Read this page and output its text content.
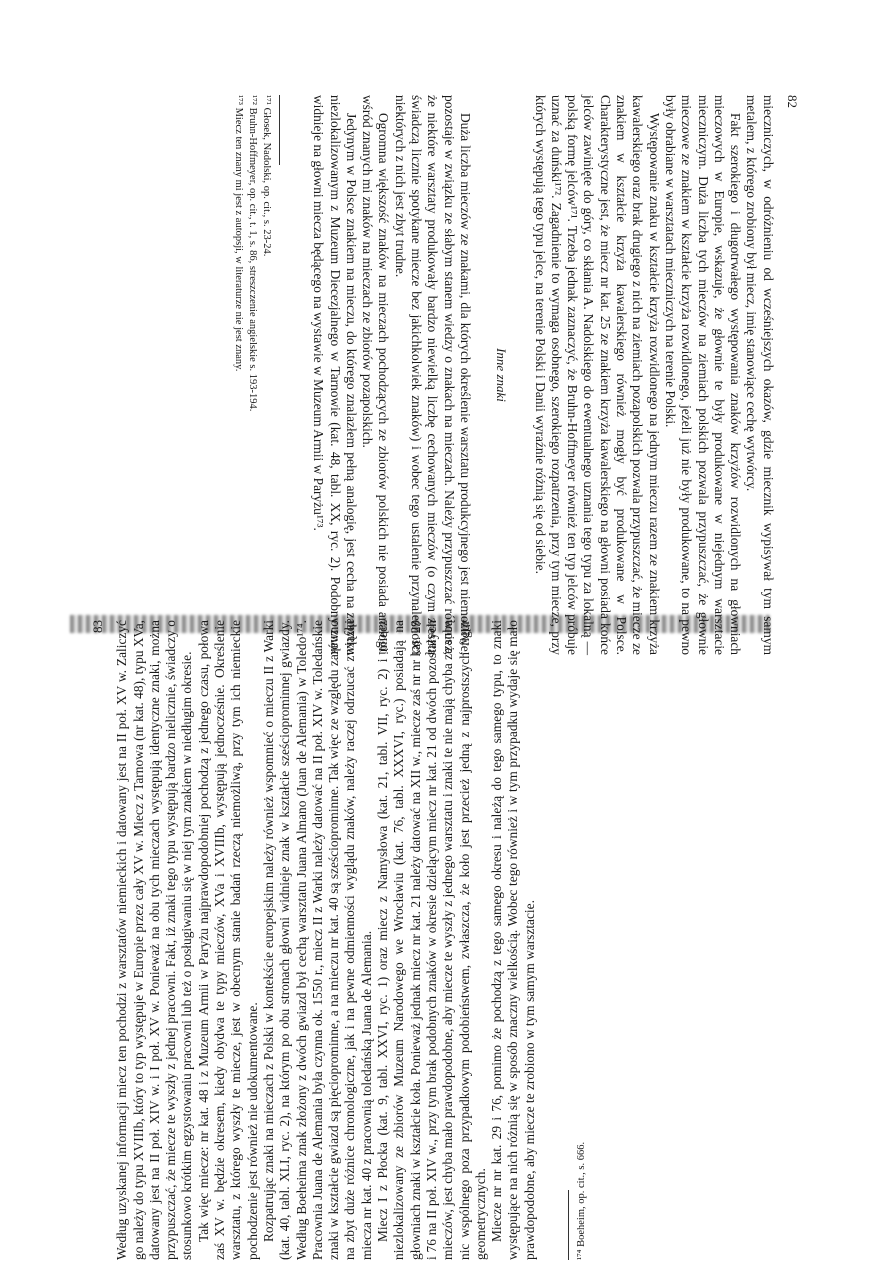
82

mieczniczych, w odróżnieniu od wcześniejszych okazów, gdzie miecznik wypisywał tym samym metalem, z którego zrobiony był miecz, imię stanowiące cechę wytwórcy.

Fakt szerokiego i długotrwałego występowania znaków krzyżów rozwidlonych na głowniach mieczowych w Europie, wskazuje, że głownie te były produkowane w niejednym warsztacie mieczniczym. Duża liczba tych mieczów na ziemiach polskich pozwala przypuszczać, że głownie mieczowe ze znakiem w kształcie krzyża rozwidlonego, jeżeli już nie były produkowane, to na pewno były obrabiane w warsztatach mieczniczych na terenie Polski.

Występowanie znaku w kształcie krzyża rozwidlonego na jednym mieczu razem ze znakiem krzyża kawalerskiego oraz brak drugiego z nich na ziemiach pozapolskich pozwala przypuszczać, że miecze ze znakiem w kształcie krzyża kawalerskiego również mogły być produkowane w Polsce. Charakterystyczne jest, że miecz nr kat. 25 ze znakiem krzyża kawalerskiego na głowni posiada końce jelców zawinięte do góry, co skłania A. Nadolskiego do ewentualnego uznania tego typu za lokalną — polską formę jelców¹⁷¹. Trzeba jednak zaznaczyć, że Bruhn-Hoffmeyer również ten typ jelców próbuje uznać za duński¹⁷². Zagadnienie to wymaga osobnego, szerokiego rozpatrzenia, przy tym miecze, przy których występują tego typu jelce, na terenie Polski i Danii wyraźnie różnią się od siebie.

Inne znaki

Duża liczba mieczów ze znakami, dla których określenie warsztatu produkcyjnego jest niemożliwe, pozostaje w związku ze słabym stanem wiedzy o znakach na mieczach. Należy przypuszczać również, że niektóre warsztaty produkowały bardzo niewielką liczbę cechowanych mieczów (o czym zresztą świadczą licznie spotykane miecze bez jakichkolwiek znaków) i wobec tego ustalenie przynależności niektórych z nich jest zbyt trudne.

Ogromna większość znaków na mieczach pochodzących ze zbiorów polskich nie posiada analogii wśród znanych mi znaków na mieczach ze zbiorów pozapolskich.

Jedynym w Polsce znakiem na mieczu, do którego znalazłem pełną analogię, jest cecha na zabytku niezlokalizowanym z Muzeum Diecezjalnego w Tarnowie (kat. 48, tabl. XX, ryc. 2). Podobny znak widnieje na głowni miecza będącego na wystawie w Muzeum Armii w Paryżu¹⁷³.

¹⁷¹ Głosek, Nadolski, op. cit., s. 23-24.

¹⁷² Bruhn-Hoffmeyer, op. cit., t. 1, s. 86, streszczenie angielskie s. 193-194.

¹⁷³ Miecz ten znany mi jest z autopsji, w literaturze nie jest znany.

83 Według uzyskanej informacji miecz ten pochodzi z warsztatów niemieckich i datowany jest na II poł. XV w. Zaliczyć go należy do typu XVIIIb, który to typ występuje w Europie przez cały XV w. Miecz z Tarnowa (nr kat. 48), typu XVa, datowany jest na II poł. XIV w. i I poł. XV w. Ponieważ na obu tych mieczach występują identyczne znaki, można przypuszczać, że miecze te wyszły z jednej pracowni. Fakt, iż znaki tego typu występują bardzo nielicznie, świadczy o stosunkowo krótkim egzystowaniu pracowni lub też o posługiwaniu się w niej tym znakiem w niedługim okresie. Tak więc miecze: nr kat. 48 i z Muzeum Armii w Paryżu najprawdopodobniej pochodzą z jednego czasu, połowa zaś XV w. będzie okresem, kiedy obydwa te typy mieczów, XVa i XVIIIb, występują jednocześnie. Określenie warsztatu, z którego wyszły te miecze, jest w obecnym stanie badań rzeczą niemożliwą, przy tym ich niemieckie pochodzenie jest również nie udokumentowane. Rozpatrując znaki na mieczach z Polski w kontekście europejskim należy również wspomnieć o mieczu II z Warki (kat. 40, tabl. XLI, ryc. 2), na którym po obu stronach głowni widnieje znak w kształcie sześcioprominnej gwiazdy. Według Boeheima znak złożony z dwóch gwiazd był cechą warsztatu Juana Almano (Juan de Alemania) w Toledo¹⁷⁴. Pracownia Juana de Alemania była czynna ok. 1550 r., miecz II z Warki należy datować na II poł. XIV w. Toledańskie znaki w kształcie gwiazd są pięcioprominne, a na mieczu nr kat. 40 są sześcioprominne. Tak więc ze względu zarówno na zbyt duże różnice chronologiczne, jak i na pewne odmienności wyglądu znaków, należy raczej odrzucać związki miecza nr kat. 40 z pracownią toledańską Juana de Alemania. Miecz I z Płocka (kat. 9, tabl. XXVI, ryc. 1) oraz miecz z Namysłowa (kat. 21, tabl. VII, ryc. 2) i miecz niezlokalizowany ze zbiorów Muzeum Narodowego we Wrocławiu (kat. 76, tabl. XXXVI, ryc.) posiadają na głowniach znaki w kształcie koła. Ponieważ jednak miecz nr kat. 21 należy datować na XII w., miecze zaś nr nr kat. 29 i 76 na II poł. XIV w., przy tym brak podobnych znaków w okresie dzielącym miecz nr kat. 21 od dwóch pozostałych mieczów, jest chyba mało prawdopodobne, aby miecze te wyszły z jednego warsztatu i znaki te nie mają chyba ze sobą nic wspólnego poza przypadkowym podobieństwem, zwłaszcza, że koło jest przecież jedną z najprostszych figur geometrycznych. Miecze nr nr kat. 29 i 76, pomimo że pochodzą z tego samego okresu i należą do tego samego typu, to znaki występujące na nich różnią się w sposób znaczny wielkością. Wobec tego również i w tym przypadku wydaje się mało prawdopodobne, aby miecze te zrobiono w tym samym warsztacie.	¹⁷⁴ Boeheim, op. cit., s. 666.
